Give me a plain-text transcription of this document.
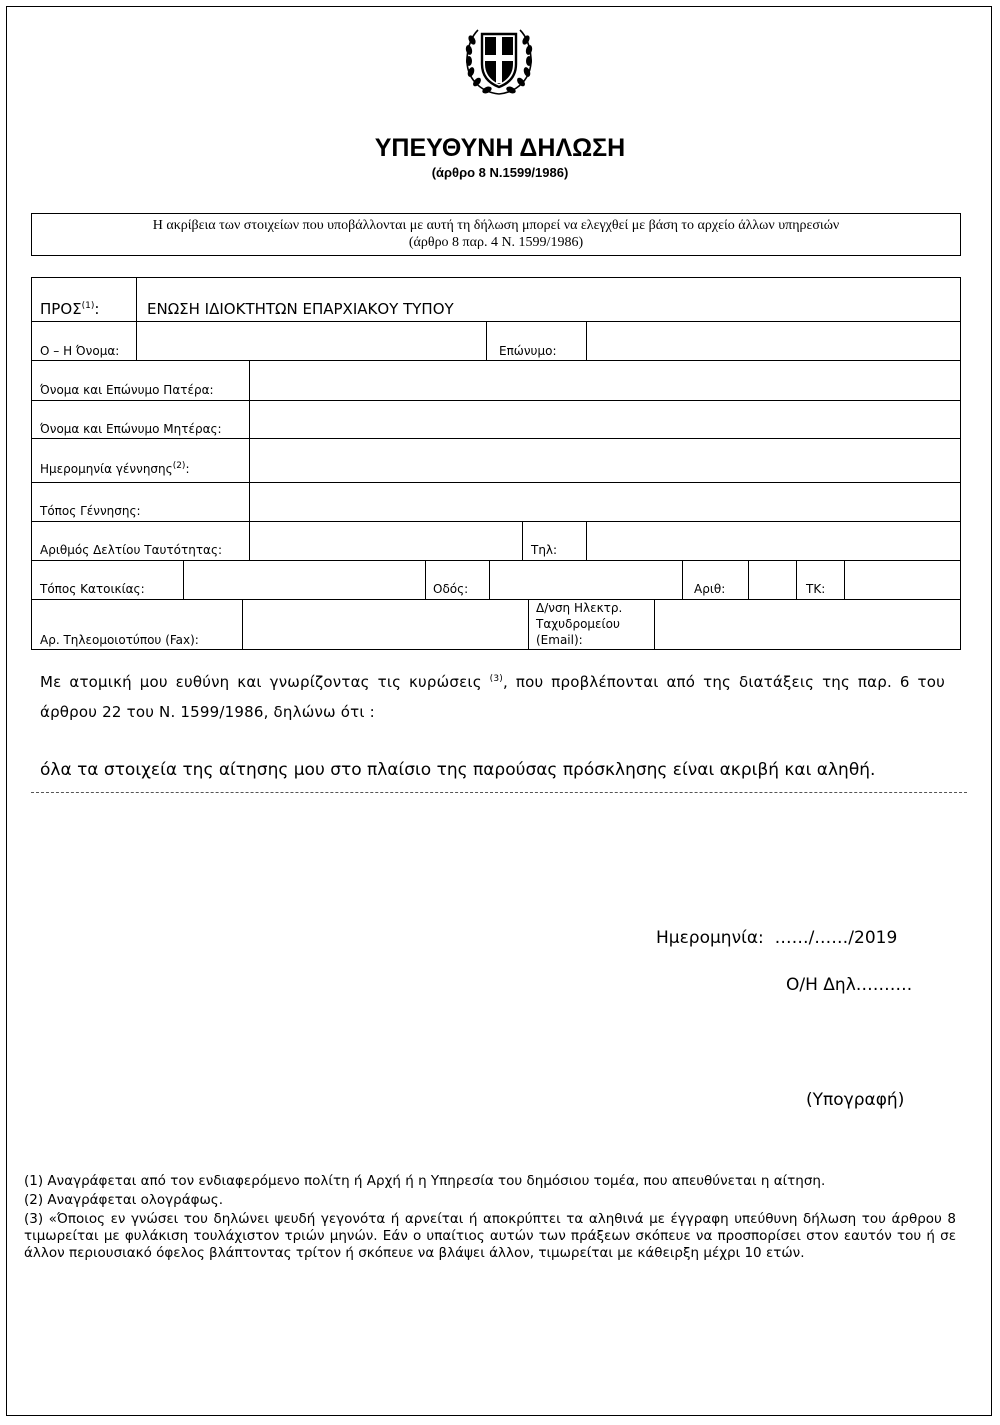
ΥΠΕΥΘΥΝΗ ΔΗΛΩΣΗ
(άρθρο 8 Ν.1599/1986)
Η ακρίβεια των στοιχείων που υποβάλλονται με αυτή τη δήλωση μπορεί να ελεγχθεί με βάση το αρχείο άλλων υπηρεσιών
(άρθρο 8 παρ. 4 Ν. 1599/1986)
ΠΡΟΣ$^{(1)}$:	ΕΝΩΣΗ ΙΔΙΟΚΤΗΤΩΝ ΕΠΑΡΧΙΑΚΟΥ ΤΥΠΟΥ
Ο – Η Όνομα:	Επώνυμο:
Όνομα και Επώνυμο Πατέρα:
Όνομα και Επώνυμο Μητέρας:
Ημερομηνία γέννησης$^{(2)}$:
Τόπος Γέννησης:
Αριθμός Δελτίου Ταυτότητας:	Τηλ:
Τόπος Κατοικίας:	Οδός:	Αριθ:	ΤΚ:
Αρ. Τηλεομοιοτύπου (Fax):
Δ/νση Ηλεκτρ.
Ταχυδρομείου
(Email):
Με ατομική μου ευθύνη και γνωρίζοντας τις κυρώσεις $^{(3)}$, που προβλέπονται από της διατάξεις της παρ. 6 του άρθρου 22 του Ν. 1599/1986, δηλώνω ότι :
όλα τα στοιχεία της αίτησης μου στο πλαίσιο της παρούσας πρόσκλησης είναι ακριβή και αληθή.
Ημερομηνία: ……/……/2019
Ο/Η Δηλ……….
(Υπογραφή)
(1) Αναγράφεται από τον ενδιαφερόμενο πολίτη ή Αρχή ή η Υπηρεσία του δημόσιου τομέα, που απευθύνεται η αίτηση.
(2) Αναγράφεται ολογράφως.
(3) «Όποιος εν γνώσει του δηλώνει ψευδή γεγονότα ή αρνείται ή αποκρύπτει τα αληθινά με έγγραφη υπεύθυνη δήλωση του άρθρου 8 τιμωρείται με φυλάκιση τουλάχιστον τριών μηνών. Εάν ο υπαίτιος αυτών των πράξεων σκόπευε να προσπορίσει στον εαυτόν του ή σε άλλον περιουσιακό όφελος βλάπτοντας τρίτον ή σκόπευε να βλάψει άλλον, τιμωρείται με κάθειρξη μέχρι 10 ετών.
